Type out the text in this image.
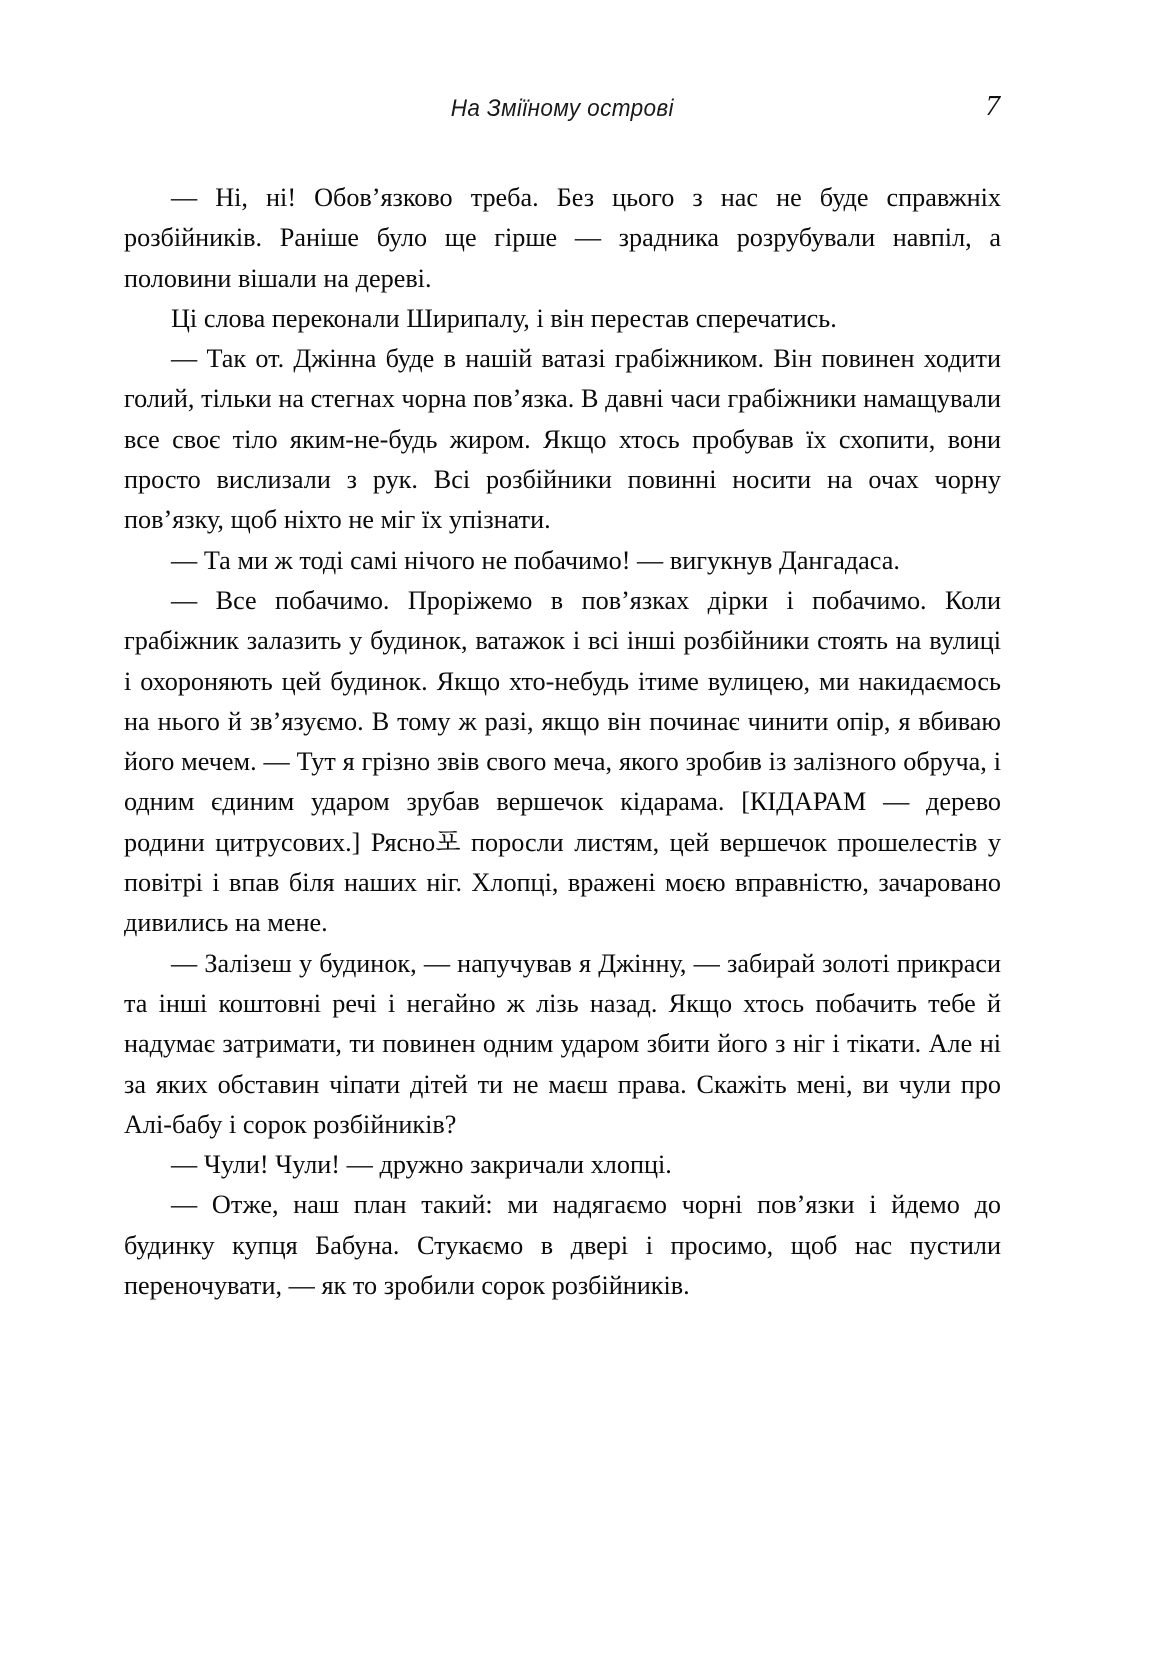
На Зміїному острові	7

— Ні, ні! Обов’язково треба. Без цього з нас не буде справжніх розбійників. Раніше було ще гірше — зрадника розрубували навпіл, а половини вішали на дереві.

Ці слова переконали Ширипалу, і він перестав сперечатись.

— Так от. Джінна буде в нашій ватазі грабіжником. Він повинен ходити голий, тільки на стегнах чорна пов’язка. В давні часи грабіжники намащували все своє тіло яким-не-будь жиром. Якщо хтось пробував їх схопити, вони просто вислизали з рук. Всі розбійники повинні носити на очах чорну пов’язку, щоб ніхто не міг їх упізнати.

— Та ми ж тоді самі нічого не побачимо! — вигукнув Дангадаса.

— Все побачимо. Проріжемо в пов’язках дірки і побачимо. Коли грабіжник залазить у будинок, ватажок і всі інші розбійники стоять на вулиці і охороняють цей будинок. Якщо хто-небудь ітиме вулицею, ми накидаємось на нього й зв’язуємо. В тому ж разі, якщо він починає чинити опір, я вбиваю його мечем. — Тут я грізно звів свого меча, якого зробив із залізного обруча, і одним єдиним ударом зрубав вершечок кідарама. [КІДАРАМ — дерево родини цитрусових.] Рясно포 поросли листям, цей вершечок прошелестів у повітрі і впав біля наших ніг. Хлопці, вражені моєю вправністю, зачаровано дивились на мене.

— Залізеш у будинок, — напучував я Джінну, — забирай золоті прикраси та інші коштовні речі і негайно ж лізь назад. Якщо хтось побачить тебе й надумає затримати, ти повинен одним ударом збити його з ніг і тікати. Але ні за яких обставин чіпати дітей ти не маєш права. Скажіть мені, ви чули про Алі-бабу і сорок розбійників?

— Чули! Чули! — дружно закричали хлопці.

— Отже, наш план такий: ми надягаємо чорні пов’язки і йдемо до будинку купця Бабуна. Стукаємо в двері і просимо, щоб нас пустили переночувати, — як то зробили сорок розбійників.
